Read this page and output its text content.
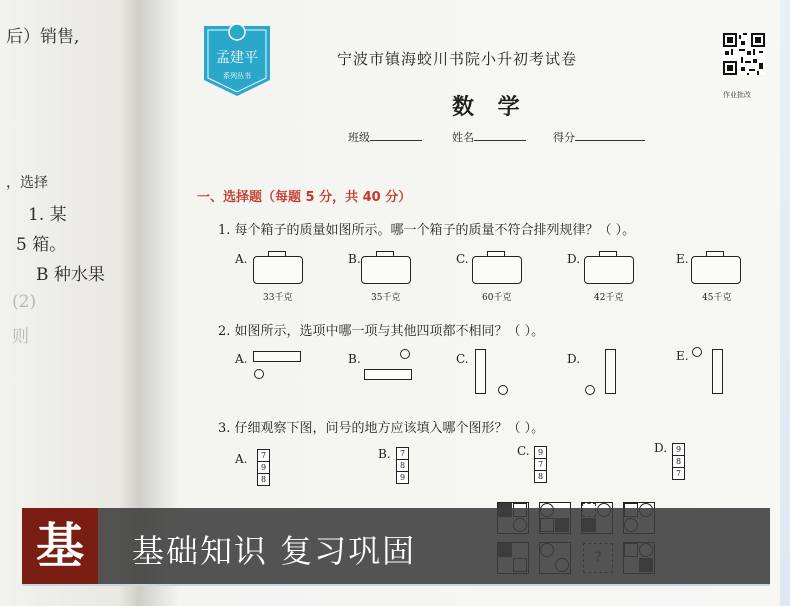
后）销售,
，选择
1. 某
5 箱。
B 种水果
(2)
则
孟建平
系列丛书
宁波市镇海蛟川书院小升初考试卷
数 学
班级	姓名	得分
作业批改
一、选择题（每题 5 分，共 40 分）
1. 每个箱子的质量如图所示。哪一个箱子的质量不符合排列规律？（ ）。
A.
33千克
B.
35千克
C.
60千克
D.
42千克
E.
45千克
2. 如图所示，选项中哪一项与其他四项都不相同？（ ）。
A.	B.	C.	D.	E.
3. 仔细观察下图，问号的地方应该填入哪个图形？（ ）。
A.	7
9
8
B.	7
8
9
C.	9
7
8
D.	9
8
7
基	基础知识 复习巩固
